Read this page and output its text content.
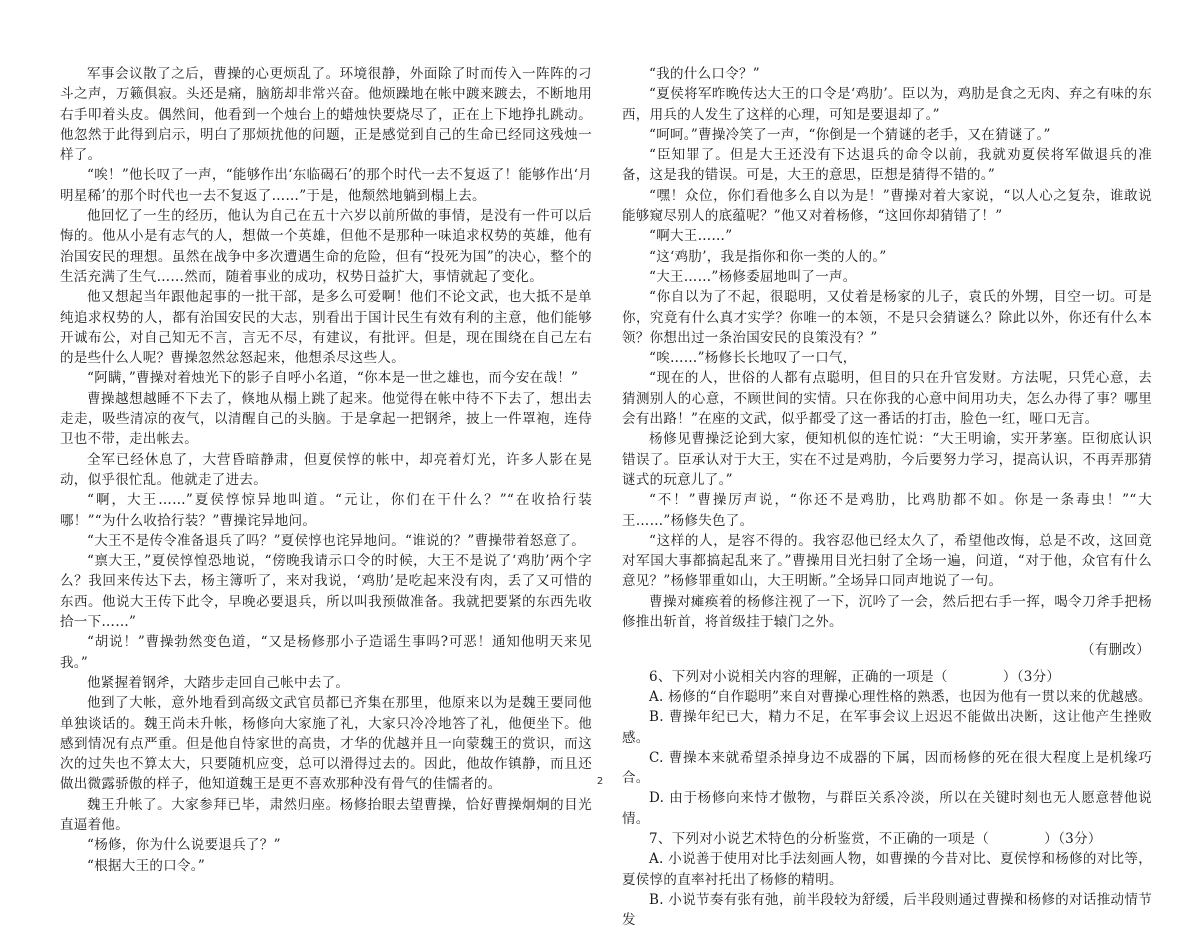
军事会议散了之后，曹操的心更烦乱了。环境很静，外面除了时而传入一阵阵的刁斗之声，万籁俱寂。头还是痛，脑筋却非常兴奋。他烦躁地在帐中踱来踱去，不断地用右手叩着头皮。偶然间，他看到一个烛台上的蜡烛快要烧尽了，正在上下地挣扎跳动。他忽然于此得到启示，明白了那烦扰他的问题，正是感觉到自己的生命已经同这残烛一样了。

“唉！”他长叹了一声，“能够作出‘东临碣石’的那个时代一去不复返了！能够作出‘月明星稀’的那个时代也一去不复返了……”于是，他颓然地躺到榻上去。

他回忆了一生的经历，他认为自己在五十六岁以前所做的事情，是没有一件可以后悔的。他从小是有志气的人，想做一个英雄，但他不是那种一味追求权势的英雄，他有治国安民的理想。虽然在战争中多次遭遇生命的危险，但有“投死为国”的决心，整个的生活充满了生气……然而，随着事业的成功，权势日益扩大，事情就起了变化。

他又想起当年跟他起事的一批干部，是多么可爱啊！他们不论文武，也大抵不是单纯追求权势的人，都有治国安民的大志，别看出于国计民生有效有利的主意，他们能够开诚布公，对自己知无不言，言无不尽，有建议，有批评。但是，现在围绕在自己左右的是些什么人呢？曹操忽然忿怒起来，他想杀尽这些人。

“阿瞒，”曹操对着烛光下的影子自呼小名道，“你本是一世之雄也，而今安在哉！”

曹操越想越睡不下去了，倏地从榻上跳了起来。他觉得在帐中待不下去了，想出去走走，吸些清凉的夜气，以清醒自己的头脑。于是拿起一把钢斧，披上一件罩袍，连侍卫也不带，走出帐去。

全军已经休息了，大营昏暗静肃，但夏侯惇的帐中，却亮着灯光，许多人影在晃动，似乎很忙乱。他就走了进去。

“啊，大王……”夏侯惇惊异地叫道。“元让，你们在干什么？”“在收拾行装哪！”“为什么收拾行装？”曹操诧异地问。

“大王不是传令准备退兵了吗？”夏侯惇也诧异地问。“谁说的？”曹操带着怒意了。

“禀大王，”夏侯惇惶恐地说，“傍晚我请示口令的时候，大王不是说了‘鸡肋’两个字么？我回来传达下去，杨主簿听了，来对我说，‘鸡肋’是吃起来没有肉，丢了又可惜的东西。他说大王传下此令，早晚必要退兵，所以叫我预做准备。我就把要紧的东西先收拾一下……”

“胡说！”曹操勃然变色道，“又是杨修那小子造谣生事吗?可恶！通知他明天来见我。”

他紧握着钢斧，大踏步走回自己帐中去了。

他到了大帐，意外地看到高级文武官员都已齐集在那里，他原来以为是魏王要同他单独谈话的。魏王尚未升帐，杨修向大家施了礼，大家只冷冷地答了礼，他便坐下。他感到情况有点严重。但是他自恃家世的高贵，才华的优越并且一向蒙魏王的赏识，而这次的过失也不算太大，只要随机应变，总可以滑得过去的。因此，他故作镇静，而且还做出微露骄傲的样子，他知道魏王是更不喜欢那种没有骨气的佳懦者的。

魏王升帐了。大家参拜已毕，肃然归座。杨修抬眼去望曹操，恰好曹操炯炯的目光直逼着他。

“杨修，你为什么说要退兵了？”

“根据大王的口令。”

“我的什么口令？”

“夏侯将军昨晚传达大王的口令是‘鸡肋’。臣以为，鸡肋是食之无肉、弃之有味的东西，用兵的人发生了这样的心理，可知是要退却了。”

“呵呵。”曹操冷笑了一声，“你倒是一个猜谜的老手，又在猜谜了。”

“臣知罪了。但是大王还没有下达退兵的命令以前，我就劝夏侯将军做退兵的准备，这是我的错误。可是，大王的意思，臣想是猜得不错的。”

“嘿！众位，你们看他多么自以为是！”曹操对着大家说，“以人心之复杂，谁敢说能够窥尽别人的底蕴呢？”他又对着杨修，“这回你却猜错了！”

“啊大王……”

“这‘鸡肋’，我是指你和你一类的人的。”

“大王……”杨修委屈地叫了一声。

“你自以为了不起，很聪明，又仗着是杨家的儿子，袁氏的外甥，目空一切。可是你，究竟有什么真才实学？你唯一的本领，不是只会猜谜么？除此以外，你还有什么本领？你想出过一条治国安民的良策没有？”

“唉……”杨修长长地叹了一口气，

“现在的人，世俗的人都有点聪明，但目的只在升官发财。方法呢，只凭心意，去猜测别人的心意，不顾世间的实情。只在你我的心意中间用功夫，怎么办得了事？哪里会有出路！”在座的文武，似乎都受了这一番话的打击，脸色一红，哑口无言。

杨修见曹操泛论到大家，便知机似的连忙说：“大王明谕，实开茅塞。臣彻底认识错误了。臣承认对于大王，实在不过是鸡肋，今后要努力学习，提高认识，不再弄那猜谜式的玩意儿了。”

“不！”曹操厉声说，“你还不是鸡肋，比鸡肋都不如。你是一条毒虫！”“大王……”杨修失色了。

“这样的人，是容不得的。我容忍他已经太久了，希望他改悔，总是不改，这回竟对军国大事都搞起乱来了。”曹操用目光扫射了全场一遍，问道，“对于他，众官有什么意见？”杨修罪重如山，大王明断。”全场异口同声地说了一句。

曹操对瘫痪着的杨修注视了一下，沉吟了一会，然后把右手一挥，喝令刀斧手把杨修推出斩首，将首级挂于辕门之外。

（有删改）

6、下列对小说相关内容的理解，正确的一项是（　　　　）（3分）

A. 杨修的“自作聪明”来自对曹操心理性格的熟悉，也因为他有一贯以来的优越感。

B. 曹操年纪已大，精力不足，在军事会议上迟迟不能做出决断，这让他产生挫败感。

C. 曹操本来就希望杀掉身边不成器的下属，因而杨修的死在很大程度上是机缘巧合。

D. 由于杨修向来恃才傲物，与群臣关系冷淡，所以在关键时刻也无人愿意替他说情。

7、下列对小说艺术特色的分析鉴赏，不正确的一项是（　　　　）（3分）

A. 小说善于使用对比手法刻画人物，如曹操的今昔对比、夏侯惇和杨修的对比等，夏侯惇的直率衬托出了杨修的精明。

B. 小说节奏有张有弛，前半段较为舒缓，后半段则通过曹操和杨修的对话推动情节发

2
